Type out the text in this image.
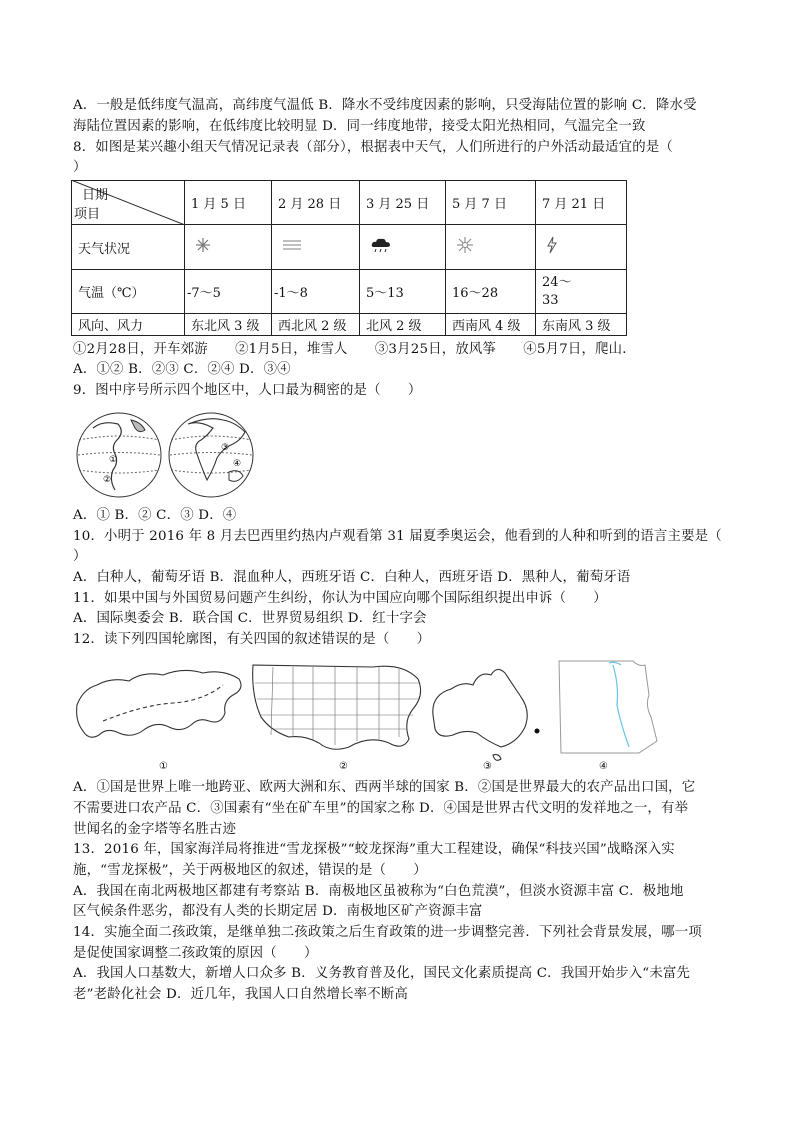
A．一般是低纬度气温高，高纬度气温低 B．降水不受纬度因素的影响，只受海陆位置的影响 C．降水受
海陆位置因素的影响，在低纬度比较明显 D．同一纬度地带，接受太阳光热相同，气温完全一致
8．如图是某兴趣小组天气情况记录表（部分），根据表中天气，人们所进行的户外活动最适宜的是（
）
日期
项目	1 月 5 日	2 月 28 日	3 月 25 日	5 月 7 日	7 月 21 日
天气状况					
气温（℃）	-7～5	-1～8	5～13	16～28	24～
33
风向、风力	东北风 3 级	西北风 2 级	北风 2 级	西南风 4 级	东南风 3 级
①2月28日，开车郊游　　②1月5日，堆雪人　　③3月25日，放风筝　　④5月7日，爬山．
A．①② B．②③ C．②④ D．③④
9．图中序号所示四个地区中，人口最为稠密的是（　　）
①
②
③
④
A．① B．② C．③ D．④
10．小明于 2016 年 8 月去巴西里约热内卢观看第 31 届夏季奥运会，他看到的人种和听到的语言主要是（
）
A．白种人，葡萄牙语 B．混血种人，西班牙语 C．白种人，西班牙语 D．黑种人，葡萄牙语
11．如果中国与外国贸易问题产生纠纷，你认为中国应向哪个国际组织提出申诉（　　）
A．国际奥委会 B．联合国 C．世界贸易组织 D．红十字会
12．读下列四国轮廓图，有关四国的叙述错误的是（　　）
①	②	③	④
A．①国是世界上唯一地跨亚、欧两大洲和东、西两半球的国家 B．②国是世界最大的农产品出口国，它
不需要进口农产品 C．③国素有“坐在矿车里”的国家之称 D．④国是世界古代文明的发祥地之一，有举
世闻名的金字塔等名胜古迹
13．2016 年，国家海洋局将推进“雪龙探极”“蛟龙探海”重大工程建设，确保“科技兴国”战略深入实
施，“雪龙探极”，关于两极地区的叙述，错误的是（　　）
A．我国在南北两极地区都建有考察站 B．南极地区虽被称为“白色荒漠”，但淡水资源丰富 C．极地地
区气候条件恶劣，都没有人类的长期定居 D．南极地区矿产资源丰富
14．实施全面二孩政策，是继单独二孩政策之后生育政策的进一步调整完善．下列社会背景发展，哪一项
是促使国家调整二孩政策的原因（　　）
A．我国人口基数大，新增人口众多 B．义务教育普及化，国民文化素质提高 C．我国开始步入“未富先
老”老龄化社会 D．近几年，我国人口自然增长率不断高
